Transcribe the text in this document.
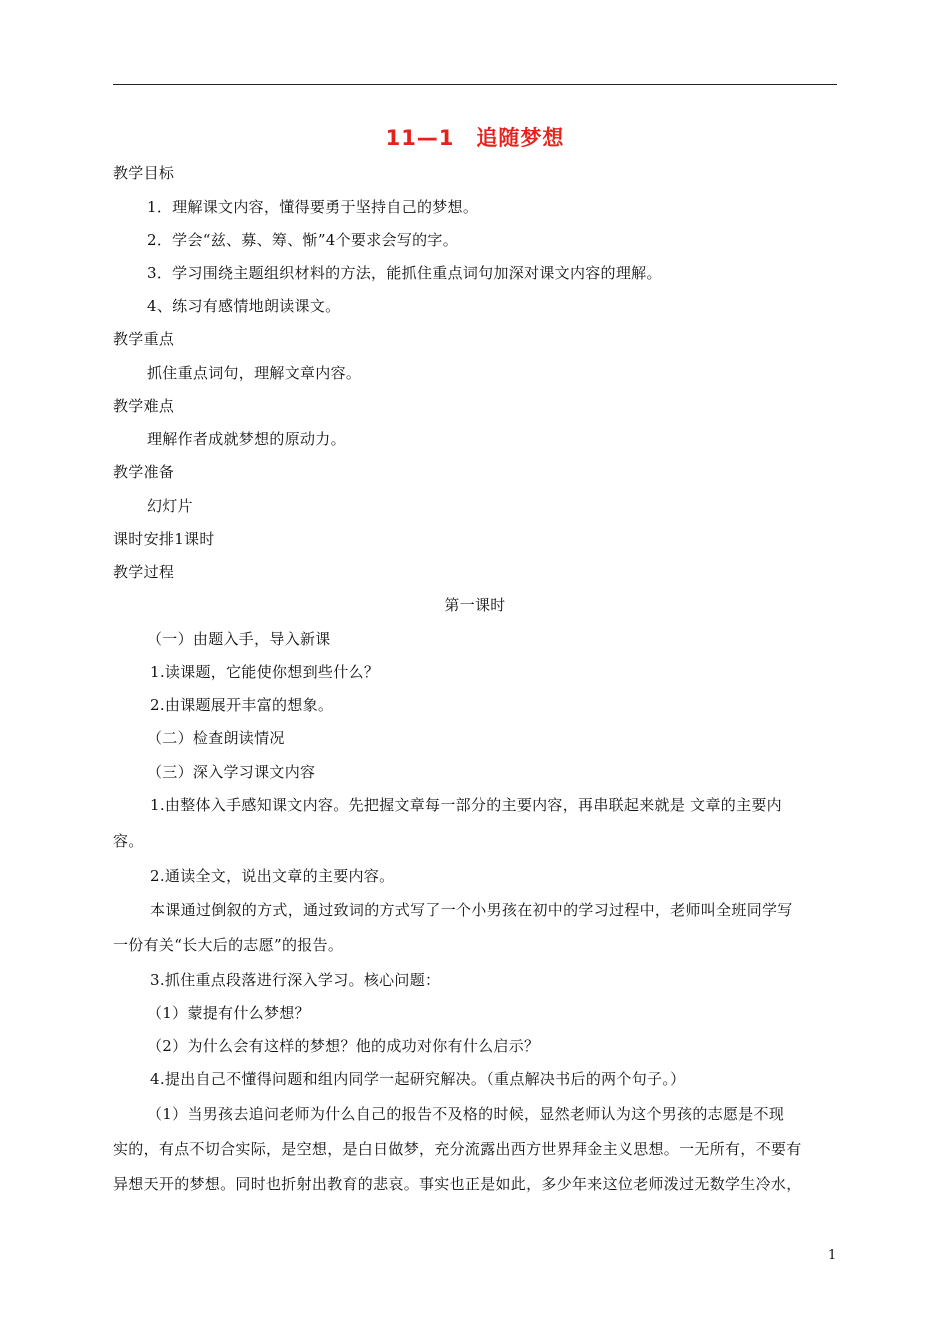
11—1　追随梦想
教学目标
1．理解课文内容，懂得要勇于坚持自己的梦想。
2．学会“兹、募、筹、惭”4个要求会写的字。
3．学习围绕主题组织材料的方法，能抓住重点词句加深对课文内容的理解。
4、练习有感情地朗读课文。
教学重点
抓住重点词句，理解文章内容。
教学难点
理解作者成就梦想的原动力。
教学准备
幻灯片
课时安排1课时
教学过程
第一课时
（一）由题入手，导入新课
1.读课题，它能使你想到些什么？
2.由课题展开丰富的想象。
（二）检查朗读情况
（三）深入学习课文内容
1.由整体入手感知课文内容。先把握文章每一部分的主要内容，再串联起来就是 文章的主要内
容。
2.通读全文，说出文章的主要内容。
本课通过倒叙的方式，通过致词的方式写了一个小男孩在初中的学习过程中，老师叫全班同学写
一份有关“长大后的志愿”的报告。
3.抓住重点段落进行深入学习。核心问题：
（1）蒙提有什么梦想？
（2）为什么会有这样的梦想？他的成功对你有什么启示？
4.提出自己不懂得问题和组内同学一起研究解决。（重点解决书后的两个句子。）
（1）当男孩去追问老师为什么自己的报告不及格的时候，显然老师认为这个男孩的志愿是不现
实的，有点不切合实际，是空想，是白日做梦，充分流露出西方世界拜金主义思想。一无所有，不要有
异想天开的梦想。同时也折射出教育的悲哀。事实也正是如此，多少年来这位老师泼过无数学生冷水，
1
